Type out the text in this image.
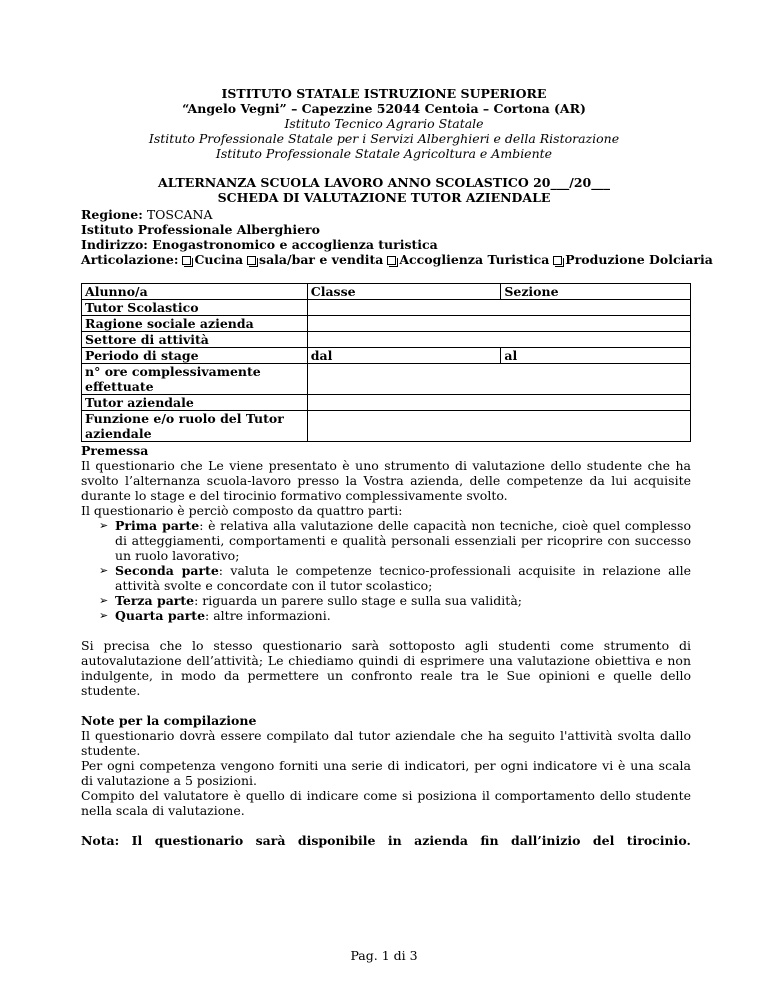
ISTITUTO STATALE ISTRUZIONE SUPERIORE
“Angelo Vegni” – Capezzine 52044 Centoia – Cortona (AR)
Istituto Tecnico Agrario Statale
Istituto Professionale Statale per i Servizi Alberghieri e della Ristorazione
Istituto Professionale Statale Agricoltura e Ambiente
ALTERNANZA SCUOLA LAVORO ANNO SCOLASTICO 20___/20___
SCHEDA DI VALUTAZIONE TUTOR AZIENDALE
Regione: TOSCANA
Istituto Professionale Alberghiero
Indirizzo: Enogastronomico e accoglienza turistica
Articolazione: Cucina sala/bar e vendita Accoglienza Turistica Produzione Dolciaria
Alunno/a	Classe	Sezione
Tutor Scolastico		
Ragione sociale azienda		
Settore di attività		
Periodo di stage	dal	al
n° ore complessivamente effettuate		
Tutor aziendale		
Funzione e/o ruolo del Tutor aziendale		

Premessa

Il questionario che Le viene presentato è uno strumento di valutazione dello studente che ha svolto l’alternanza scuola-lavoro presso la Vostra azienda, delle competenze da lui acquisite durante lo stage e del tirocinio formativo complessivamente svolto.

Il questionario è perciò composto da quattro parti:

➢ Prima parte: è relativa alla valutazione delle capacità non tecniche, cioè quel complesso di atteggiamenti, comportamenti e qualità personali essenziali per ricoprire con successo un ruolo lavorativo;
➢ Seconda parte: valuta le competenze tecnico-professionali acquisite in relazione alle attività svolte e concordate con il tutor scolastico;
➢ Terza parte: riguarda un parere sullo stage e sulla sua validità;
➢ Quarta parte: altre informazioni.

Si precisa che lo stesso questionario sarà sottoposto agli studenti come strumento di autovalutazione dell’attività; Le chiediamo quindi di esprimere una valutazione obiettiva e non indulgente, in modo da permettere un confronto reale tra le Sue opinioni e quelle dello studente.

Note per la compilazione

Il questionario dovrà essere compilato dal tutor aziendale che ha seguito l'attività svolta dallo studente.

Per ogni competenza vengono forniti una serie di indicatori, per ogni indicatore vi è una scala di valutazione a 5 posizioni.

Compito del valutatore è quello di indicare come si posiziona il comportamento dello studente nella scala di valutazione.

Nota: Il questionario sarà disponibile in azienda fin dall’inizio del tirocinio.
Pag. 1 di 3
